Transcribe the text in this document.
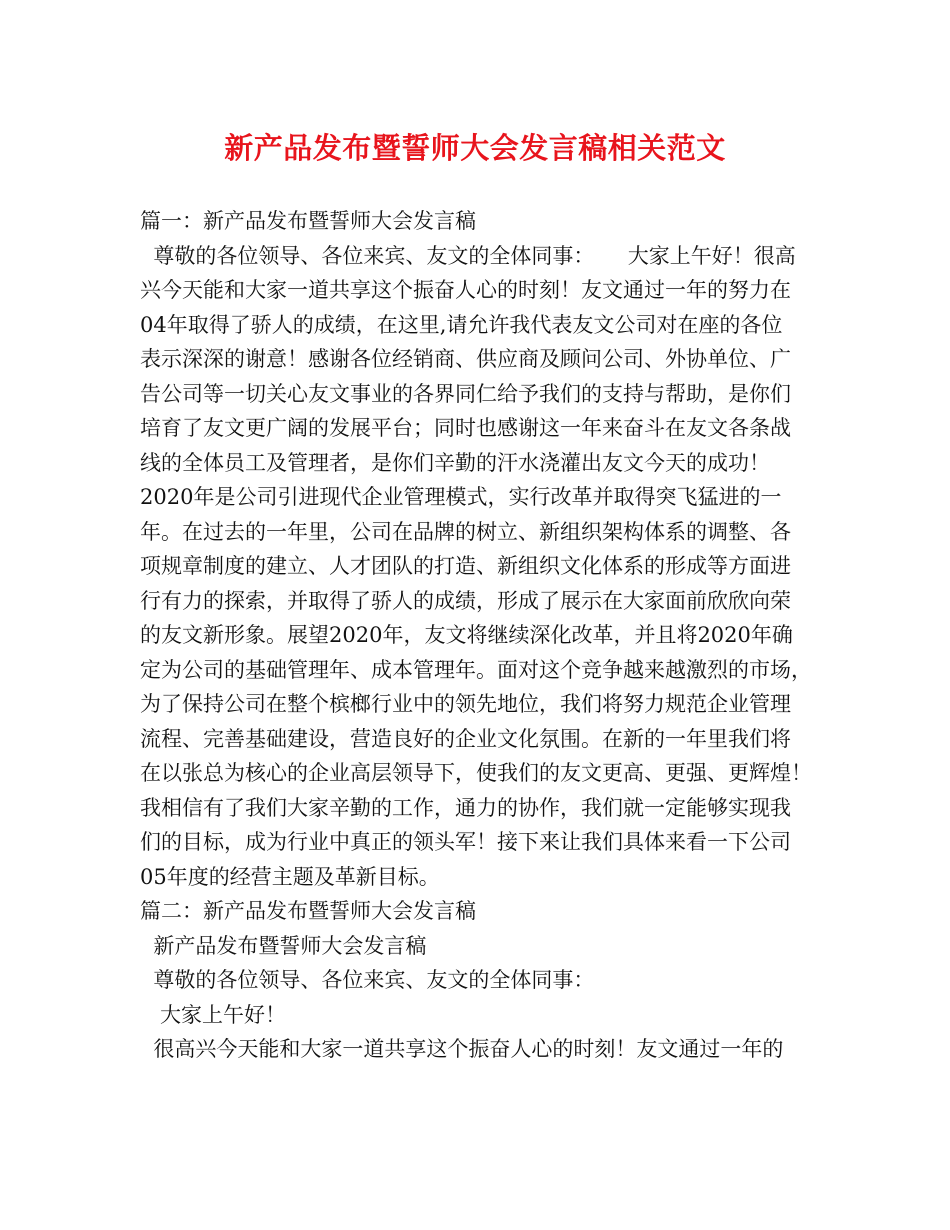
新产品发布暨誓师大会发言稿相关范文
篇一：新产品发布暨誓师大会发言稿
尊敬的各位领导、各位来宾、友文的全体同事：     大家上午好！很高
兴今天能和大家一道共享这个振奋人心的时刻！友文通过一年的努力在
04年取得了骄人的成绩，在这里,请允许我代表友文公司对在座的各位
表示深深的谢意！感谢各位经销商、供应商及顾问公司、外协单位、广
告公司等一切关心友文事业的各界同仁给予我们的支持与帮助，是你们
培育了友文更广阔的发展平台；同时也感谢这一年来奋斗在友文各条战
线的全体员工及管理者，是你们辛勤的汗水浇灌出友文今天的成功！
2020年是公司引进现代企业管理模式，实行改革并取得突飞猛进的一
年。在过去的一年里，公司在品牌的树立、新组织架构体系的调整、各
项规章制度的建立、人才团队的打造、新组织文化体系的形成等方面进
行有力的探索，并取得了骄人的成绩，形成了展示在大家面前欣欣向荣
的友文新形象。展望2020年，友文将继续深化改革，并且将2020年确
定为公司的基础管理年、成本管理年。面对这个竞争越来越激烈的市场，
为了保持公司在整个槟榔行业中的领先地位，我们将努力规范企业管理
流程、完善基础建设，营造良好的企业文化氛围。在新的一年里我们将
在以张总为核心的企业高层领导下，使我们的友文更高、更强、更辉煌！
我相信有了我们大家辛勤的工作，通力的协作，我们就一定能够实现我
们的目标，成为行业中真正的领头军！接下来让我们具体来看一下公司
05年度的经营主题及革新目标。
篇二：新产品发布暨誓师大会发言稿
新产品发布暨誓师大会发言稿
尊敬的各位领导、各位来宾、友文的全体同事：
大家上午好！
很高兴今天能和大家一道共享这个振奋人心的时刻！友文通过一年的
